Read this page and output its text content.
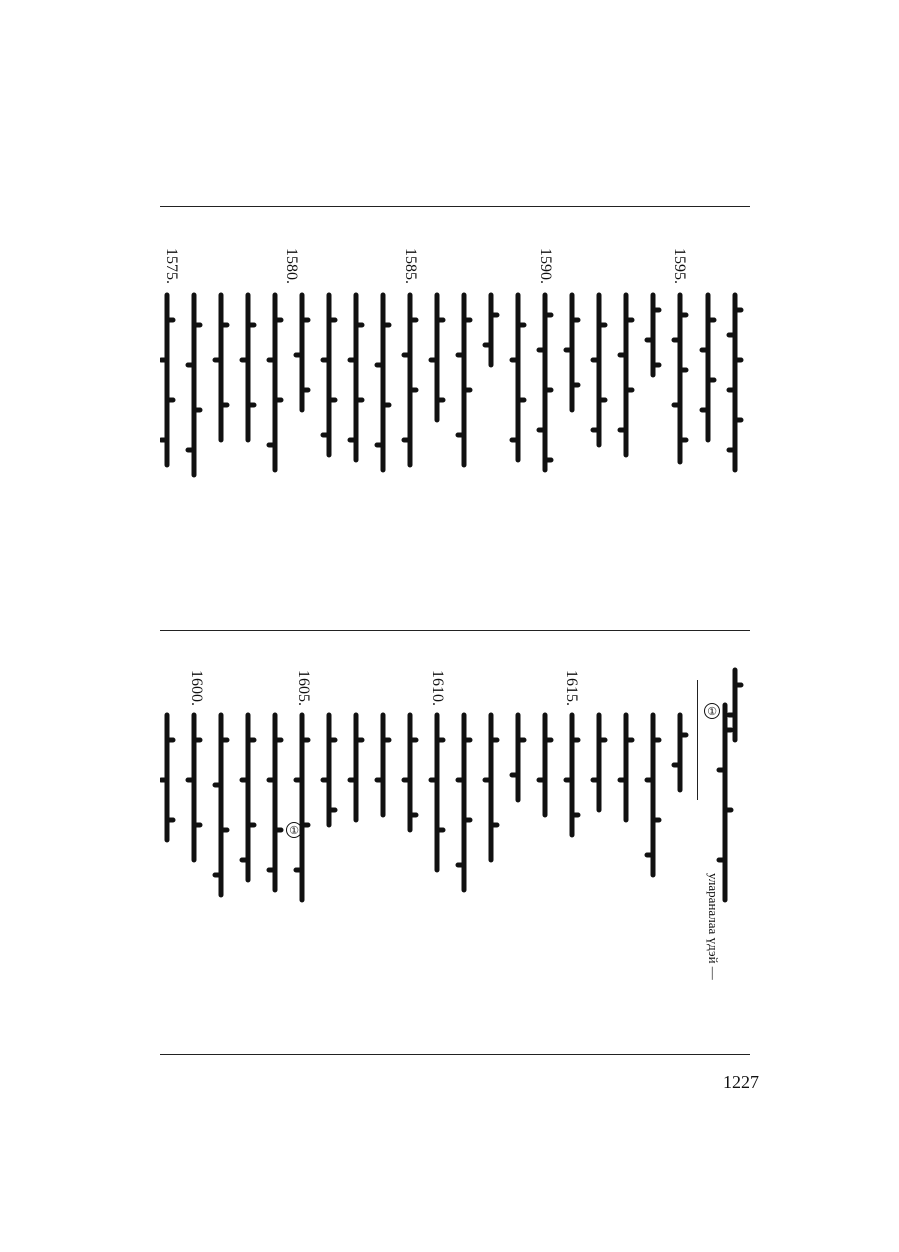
1595.
1590.
1585.
1580.
1575.
①
①
улараналаа үдэй —
1615.
1610.
1605.
1600.
1227
